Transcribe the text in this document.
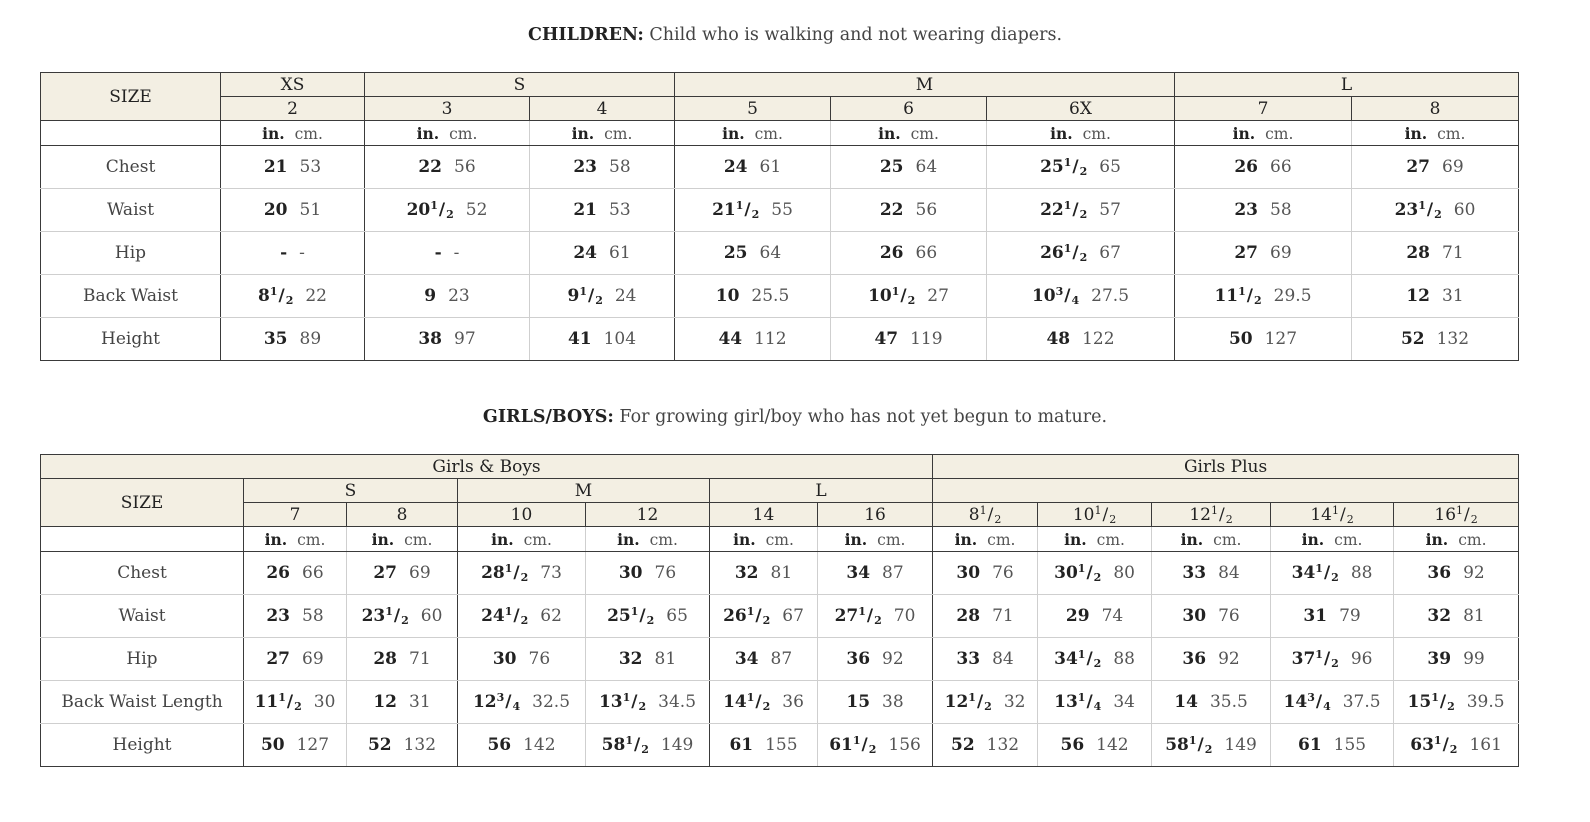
CHILDREN: Child who is walking and not wearing diapers.
SIZE	XS	S		M			L	
	2	3	4	5	6	6X	7	8
	in. cm.	in. cm.	in. cm.	in. cm.	in. cm.	in. cm.	in. cm.	in. cm.
Chest	21 53	22 56	23 58	24 61	25 64	$25^1/_2$ 65	26 66	27 69
Waist	20 51	$20^1/_2$ 52	21 53	$21^1/_2$ 55	22 56	$22^1/_2$ 57	23 58	$23^1/_2$ 60
Hip	- -	- -	24 61	25 64	26 66	$26^1/_2$ 67	27 69	28 71
Back Waist	$8^1/_2$ 22	9 23	$9^1/_2$ 24	10 25.5	$10^1/_2$ 27	$10^3/_4$ 27.5	$11^1/_2$ 29.5	12 31
Height	35 89	38 97	41 104	44 112	47 119	48 122	50 127	52 132
GIRLS/BOYS: For growing girl/boy who has not yet begun to mature.
Girls & Boys							Girls Plus				
SIZE	S		M		L						
	7	8	10	12	14	16	$8^1/_2$	$10^1/_2$	$12^1/_2$	$14^1/_2$	$16^1/_2$
	in. cm.	in. cm.	in. cm.	in. cm.	in. cm.	in. cm.	in. cm.	in. cm.	in. cm.	in. cm.	in. cm.
Chest	26 66	27 69	$28^1/_2$ 73	30 76	32 81	34 87	30 76	$30^1/_2$ 80	33 84	$34^1/_2$ 88	36 92
Waist	23 58	$23^1/_2$ 60	$24^1/_2$ 62	$25^1/_2$ 65	$26^1/_2$ 67	$27^1/_2$ 70	28 71	29 74	30 76	31 79	32 81
Hip	27 69	28 71	30 76	32 81	34 87	36 92	33 84	$34^1/_2$ 88	36 92	$37^1/_2$ 96	39 99
Back Waist Length	$11^1/_2$ 30	12 31	$12^3/_4$ 32.5	$13^1/_2$ 34.5	$14^1/_2$ 36	15 38	$12^1/_2$ 32	$13^1/_4$ 34	14 35.5	$14^3/_4$ 37.5	$15^1/_2$ 39.5
Height	50 127	52 132	56 142	$58^1/_2$ 149	61 155	$61^1/_2$ 156	52 132	56 142	$58^1/_2$ 149	61 155	$63^1/_2$ 161
